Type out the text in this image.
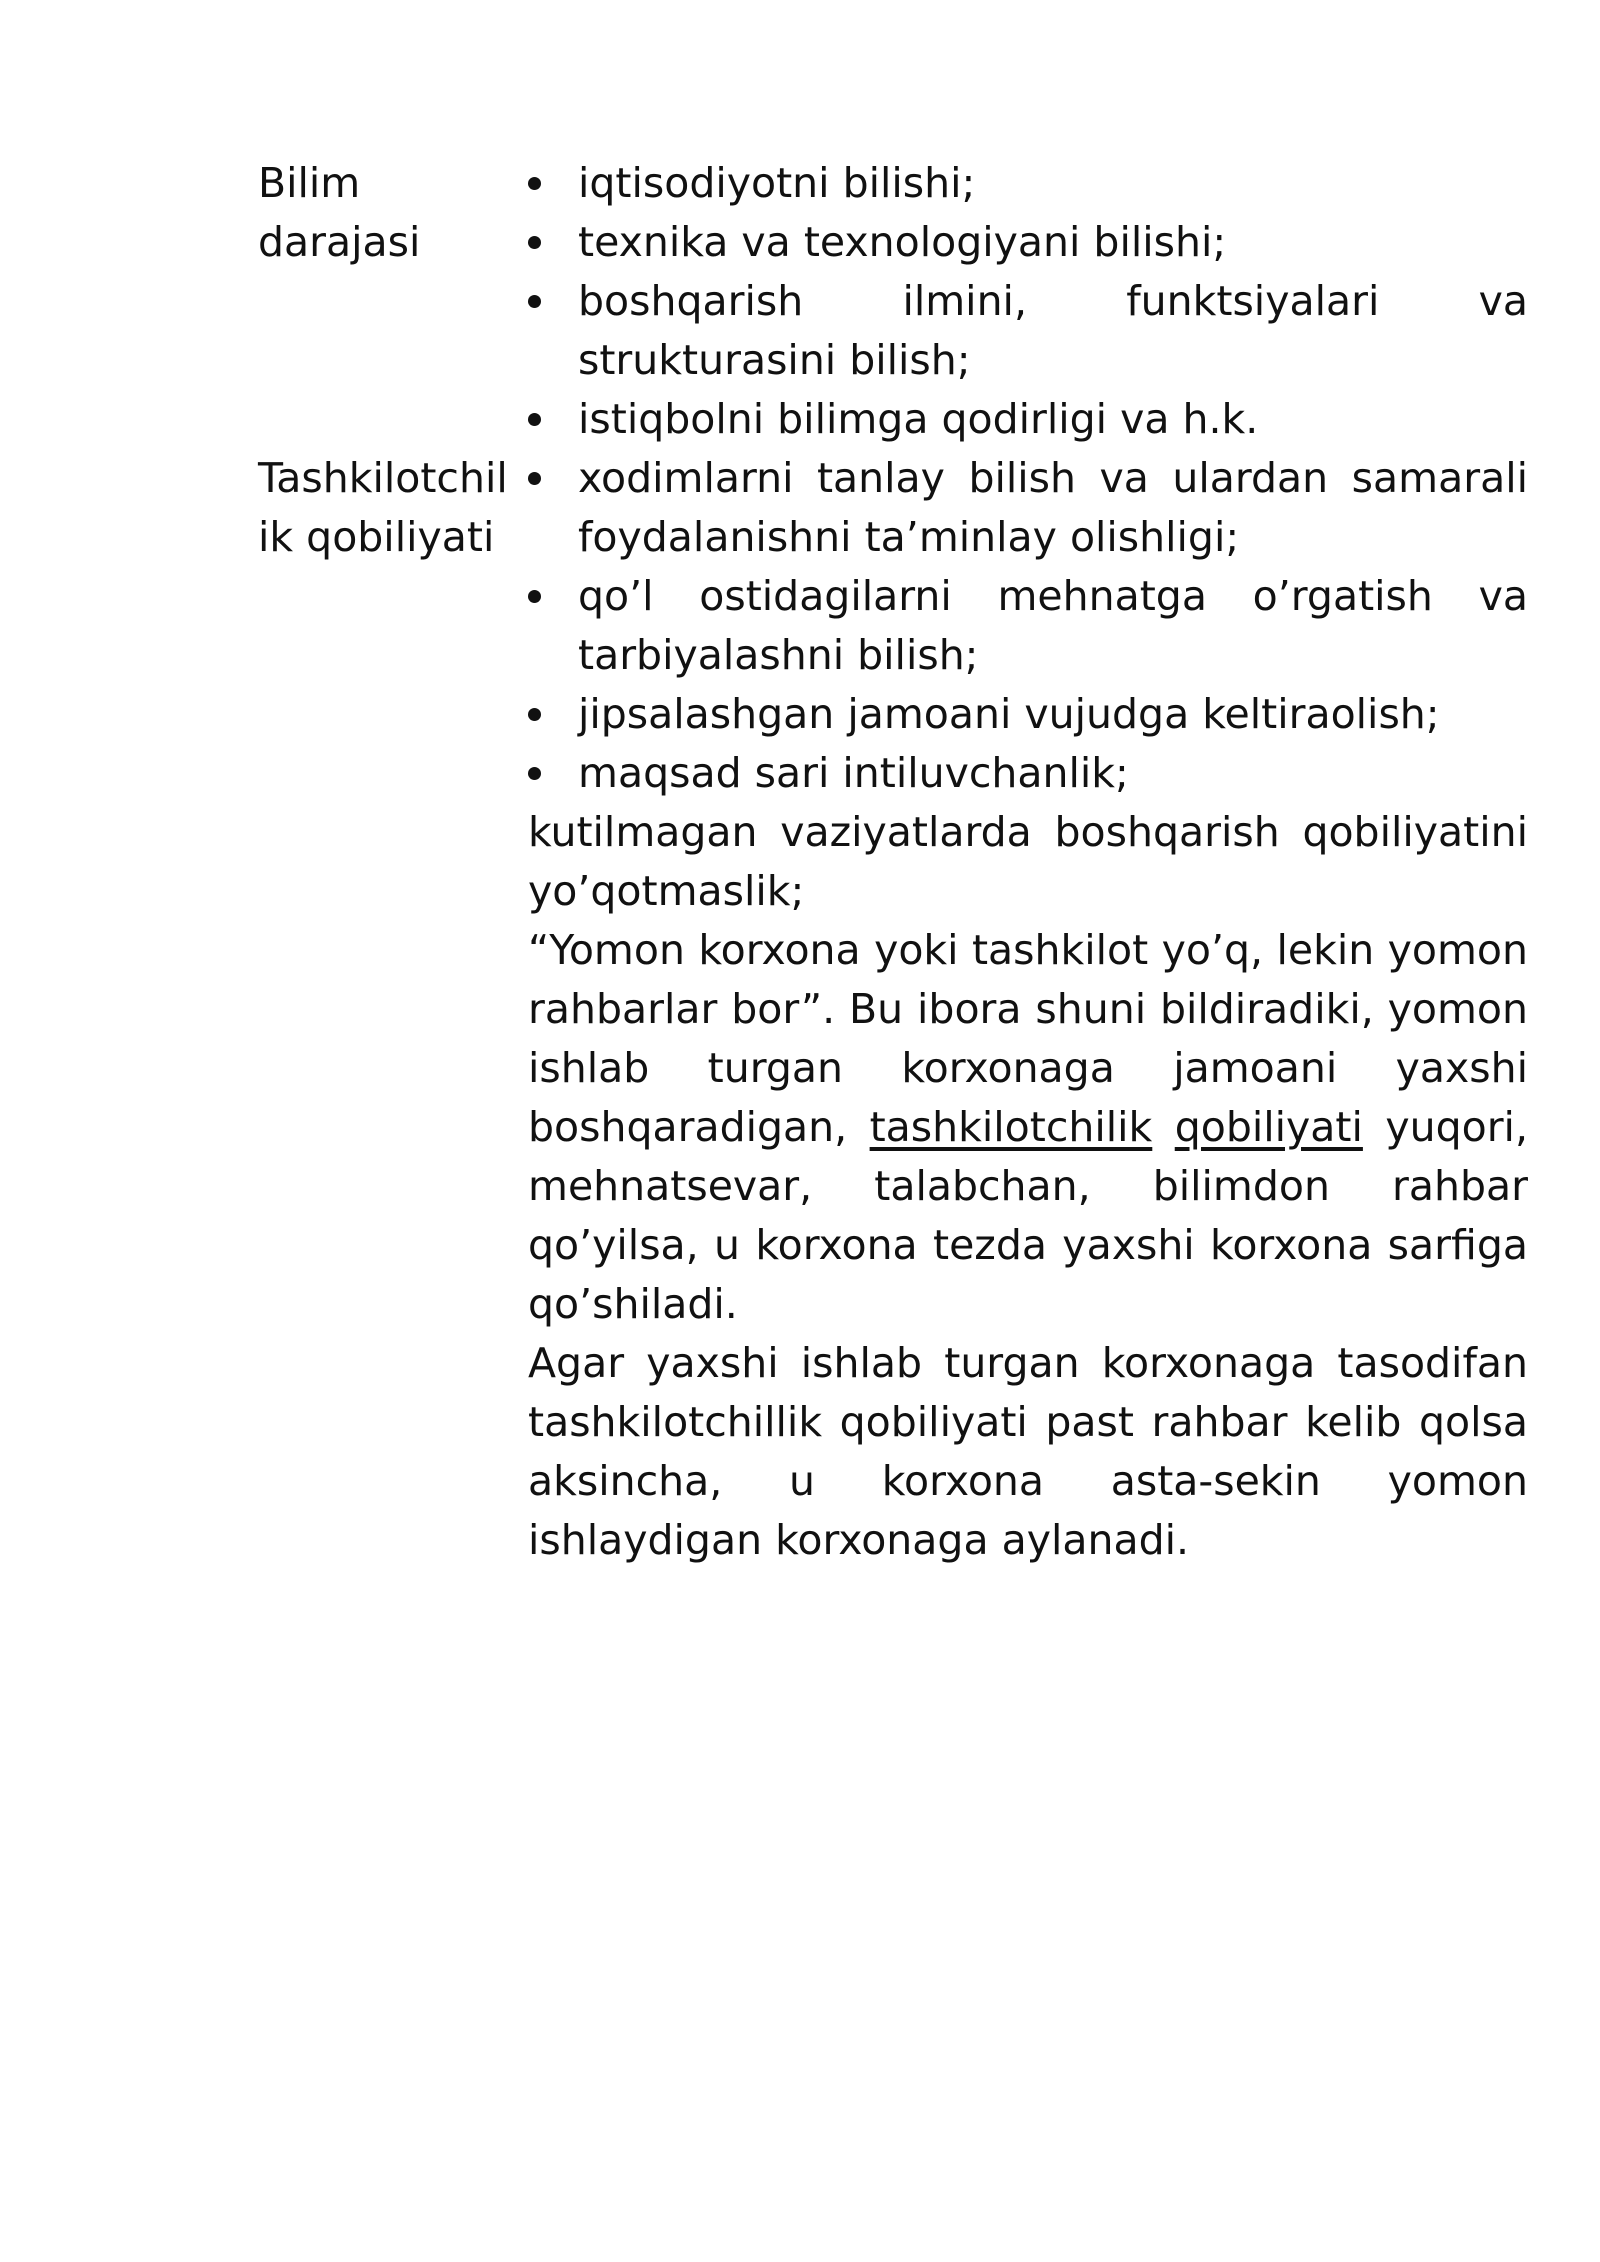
Bilim
darajasi
iqtisodiyotni bilishi;
texnika va texnologiyani bilishi;
boshqarish ilmini, funktsiyalari va strukturasini bilish;
istiqbolni bilimga qodirligi va h.k.
Tashkilotchil
ik qobiliyati
xodimlarni tanlay bilish va ulardan samarali foydalanishni ta’minlay olishligi;
qo’l ostidagilarni mehnatga o’rgatish va tarbiyalashni bilish;
jipsalashgan jamoani vujudga keltiraolish;
maqsad sari intiluvchanlik;
kutilmagan vaziyatlarda boshqarish qobiliyatini yo’qotmaslik;
“Yomon korxona yoki tashkilot yo’q, lekin yomon rahbarlar bor”. Bu ibora shuni bildiradiki, yomon ishlab turgan korxonaga jamoani yaxshi boshqaradigan, tashkilotchilik qobiliyati yuqori, mehnatsevar, talabchan, bilimdon rahbar qo’yilsa, u korxona tezda yaxshi korxona sarfiga qo’shiladi.
Agar yaxshi ishlab turgan korxonaga tasodifan tashkilotchillik qobiliyati past rahbar kelib qolsa aksincha, u korxona asta-sekin yomon ishlaydigan korxonaga aylanadi.
